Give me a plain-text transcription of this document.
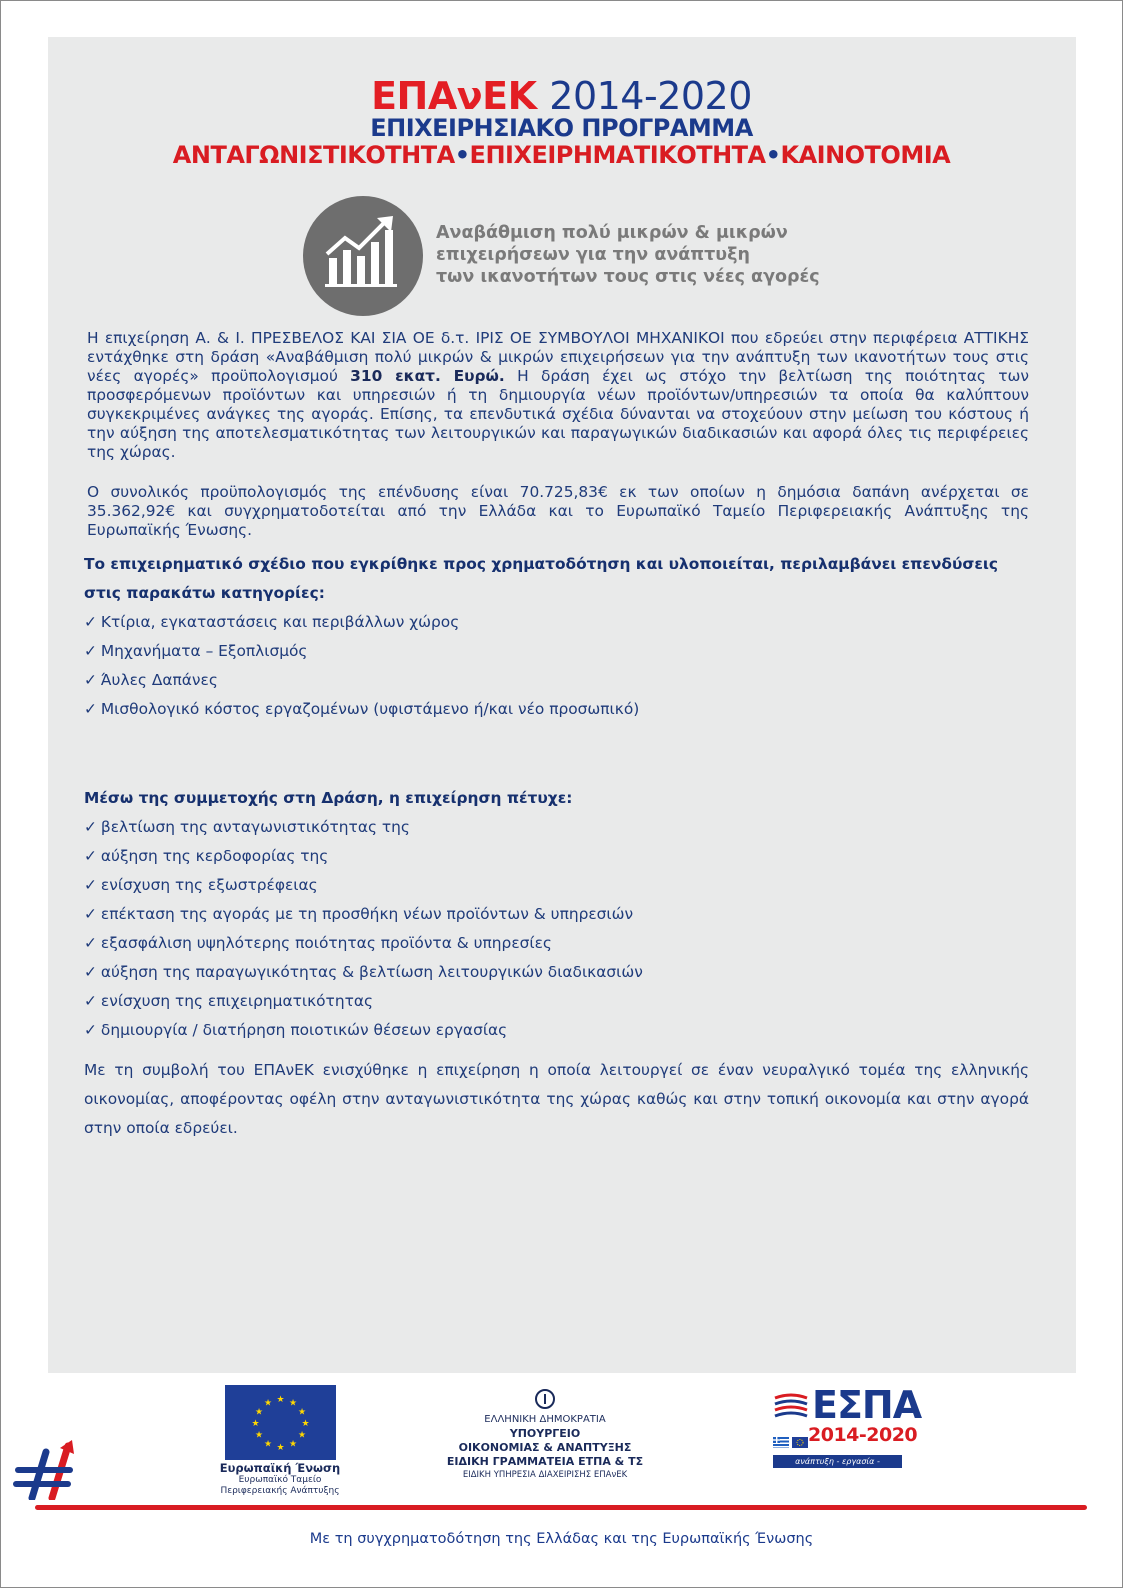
ΕΠΑνΕΚ 2014-2020
ΕΠΙΧΕΙΡΗΣΙΑΚΟ ΠΡΟΓΡΑΜΜΑ
ΑΝΤΑΓΩΝΙΣΤΙΚΟΤΗΤΑ•ΕΠΙΧΕΙΡΗΜΑΤΙΚΟΤΗΤΑ•ΚΑΙΝΟΤΟΜΙΑ
Αναβάθμιση πολύ μικρών & μικρών
επιχειρήσεων για την ανάπτυξη
των ικανοτήτων τους στις νέες αγορές
Η επιχείρηση Α. & Ι. ΠΡΕΣΒΕΛΟΣ ΚΑΙ ΣΙΑ ΟΕ δ.τ. ΙΡΙΣ ΟΕ ΣΥΜΒΟΥΛΟΙ ΜΗΧΑΝΙΚΟΙ που εδρεύει στην περιφέρεια ΑΤΤΙΚΗΣ εντάχθηκε στη δράση «Αναβάθμιση πολύ μικρών & μικρών επιχειρήσεων για την ανάπτυξη των ικανοτήτων τους στις νέες αγορές» προϋπολογισμού 310 εκατ. Ευρώ. Η δράση έχει ως στόχο την βελτίωση της ποιότητας των προσφερόμενων προϊόντων και υπηρεσιών ή τη δημιουργία νέων προϊόντων/υπηρεσιών τα οποία θα καλύπτουν συγκεκριμένες ανάγκες της αγοράς. Επίσης, τα επενδυτικά σχέδια δύνανται να στοχεύουν στην μείωση του κόστους ή την αύξηση της αποτελεσματικότητας των λειτουργικών και παραγωγικών διαδικασιών και αφορά όλες τις περιφέρειες της χώρας.
Ο συνολικός προϋπολογισμός της επένδυσης είναι 70.725,83€ εκ των οποίων η δημόσια δαπάνη ανέρχεται σε 35.362,92€ και συγχρηματοδοτείται από την Ελλάδα και το Ευρωπαϊκό Ταμείο Περιφερειακής Ανάπτυξης της Ευρωπαϊκής Ένωσης.
Το επιχειρηματικό σχέδιο που εγκρίθηκε προς χρηματοδότηση και υλοποιείται, περιλαμβάνει επενδύσεις
στις παρακάτω κατηγορίες:
✓ Κτίρια, εγκαταστάσεις και περιβάλλων χώρος
✓ Μηχανήματα – Εξοπλισμός
✓ Άυλες Δαπάνες
✓ Μισθολογικό κόστος εργαζομένων (υφιστάμενο ή/και νέο προσωπικό)
Μέσω της συμμετοχής στη Δράση, η επιχείρηση πέτυχε:
✓ βελτίωση της ανταγωνιστικότητας της
✓ αύξηση της κερδοφορίας της
✓ ενίσχυση της εξωστρέφειας
✓ επέκταση της αγοράς με τη προσθήκη νέων προϊόντων & υπηρεσιών
✓ εξασφάλιση υψηλότερης ποιότητας προϊόντα & υπηρεσίες
✓ αύξηση της παραγωγικότητας & βελτίωση λειτουργικών διαδικασιών
✓ ενίσχυση της επιχειρηματικότητας
✓ δημιουργία / διατήρηση ποιοτικών θέσεων εργασίας
Με τη συμβολή του ΕΠΑνΕΚ ενισχύθηκε η επιχείρηση η οποία λειτουργεί σε έναν νευραλγικό τομέα της ελληνικής οικονομίας, αποφέροντας οφέλη στην ανταγωνιστικότητα της χώρας καθώς και στην τοπική οικονομία και στην αγορά στην οποία εδρεύει.
★ ★
★
★
★
★
★
★
★
★
★
★
Ευρωπαϊκή Ένωση
Ευρωπαϊκό Ταμείο
Περιφερειακής Ανάπτυξης
ΕΛΛΗΝΙΚΗ ΔΗΜΟΚΡΑΤΙΑ
ΥΠΟΥΡΓΕΙΟ
ΟΙΚΟΝΟΜΙΑΣ & ΑΝΑΠΤΥΞΗΣ
ΕΙΔΙΚΗ ΓΡΑΜΜΑΤΕΙΑ ΕΤΠΑ & ΤΣ
ΕΙΔΙΚΗ ΥΠΗΡΕΣΙΑ ΔΙΑΧΕΙΡΙΣΗΣ ΕΠΑνΕΚ
ΕΣΠΑ
2014-2020
ανάπτυξη - εργασία - αλληλεγγύη
Με τη συγχρηματοδότηση της Ελλάδας και της Ευρωπαϊκής Ένωσης
